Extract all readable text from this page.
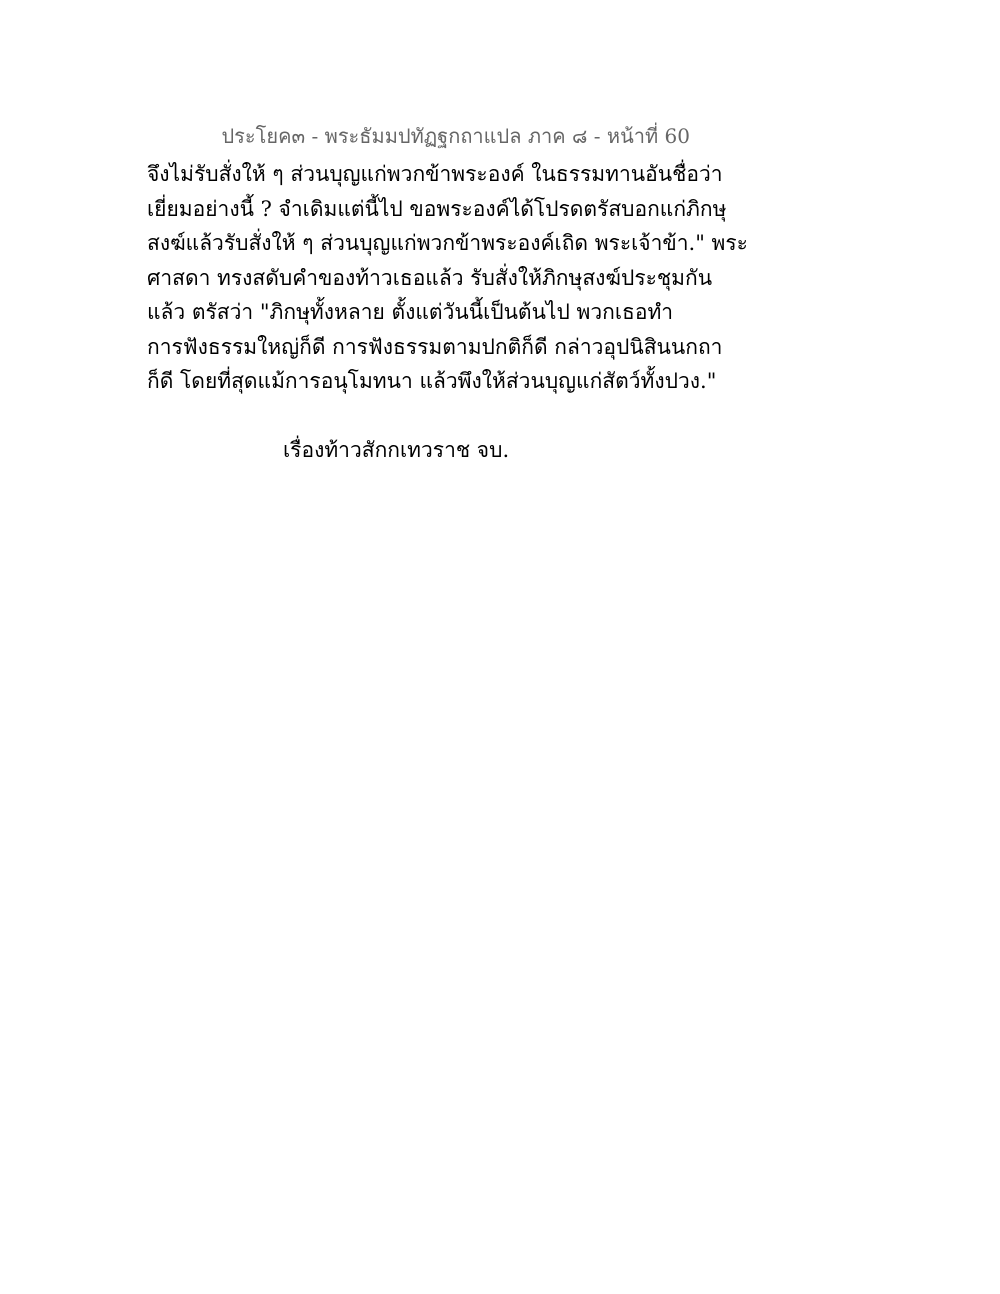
ประโยค๓ - พระธัมมปทัฏฐกถาแปล ภาค ๘ - หน้าที่ 60
จึงไม่รับสั่งให้ ๆ ส่วนบุญแก่พวกข้าพระองค์ ในธรรมทานอันชื่อว่า
เยี่ยมอย่างนี้ ? จำเดิมแต่นี้ไป ขอพระองค์ได้โปรดตรัสบอกแก่ภิกษุ
สงฆ์แล้วรับสั่งให้ ๆ ส่วนบุญแก่พวกข้าพระองค์เถิด พระเจ้าข้า." พระ
ศาสดา ทรงสดับคำของท้าวเธอแล้ว รับสั่งให้ภิกษุสงฆ์ประชุมกัน
แล้ว ตรัสว่า "ภิกษุทั้งหลาย ตั้งแต่วันนี้เป็นต้นไป พวกเธอทำ
การฟังธรรมใหญ่ก็ดี การฟังธรรมตามปกติก็ดี กล่าวอุปนิสินนกถา
ก็ดี โดยที่สุดแม้การอนุโมทนา แล้วพึงให้ส่วนบุญแก่สัตว์ทั้งปวง."
เรื่องท้าวสักกเทวราช จบ.
